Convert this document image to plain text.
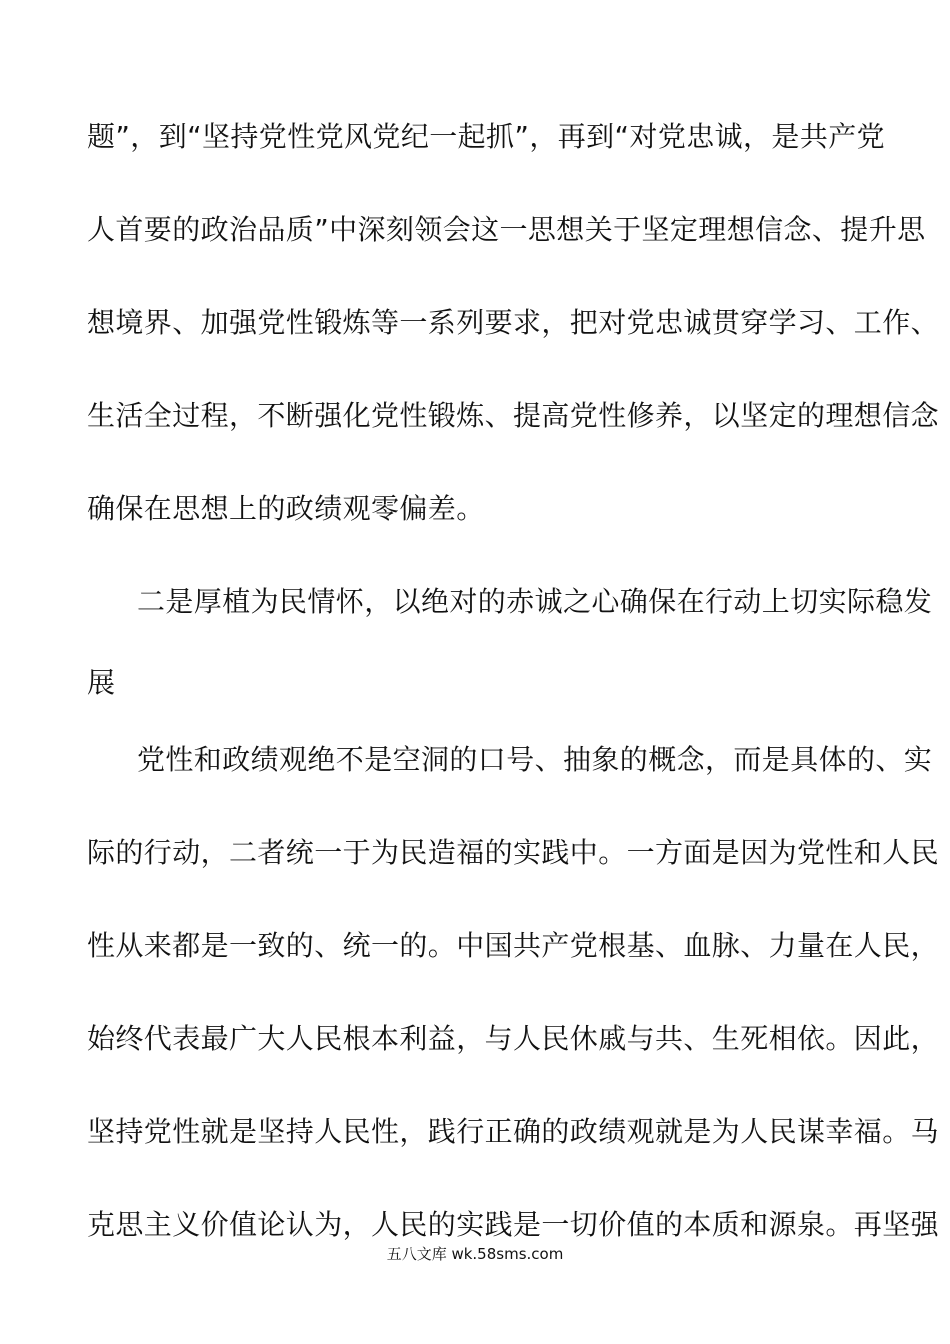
题”，到“坚持党性党风党纪一起抓”，再到“对党忠诚，是共产党
人首要的政治品质”中深刻领会这一思想关于坚定理想信念、提升思
想境界、加强党性锻炼等一系列要求，把对党忠诚贯穿学习、工作、
生活全过程，不断强化党性锻炼、提高党性修养，以坚定的理想信念
确保在思想上的政绩观零偏差。
二是厚植为民情怀，以绝对的赤诚之心确保在行动上切实际稳发
展
党性和政绩观绝不是空洞的口号、抽象的概念，而是具体的、实
际的行动，二者统一于为民造福的实践中。一方面是因为党性和人民
性从来都是一致的、统一的。中国共产党根基、血脉、力量在人民，
始终代表最广大人民根本利益，与人民休戚与共、生死相依。因此，
坚持党性就是坚持人民性，践行正确的政绩观就是为人民谋幸福。马
克思主义价值论认为，人民的实践是一切价值的本质和源泉。再坚强
五八文库 wk.58sms.com
